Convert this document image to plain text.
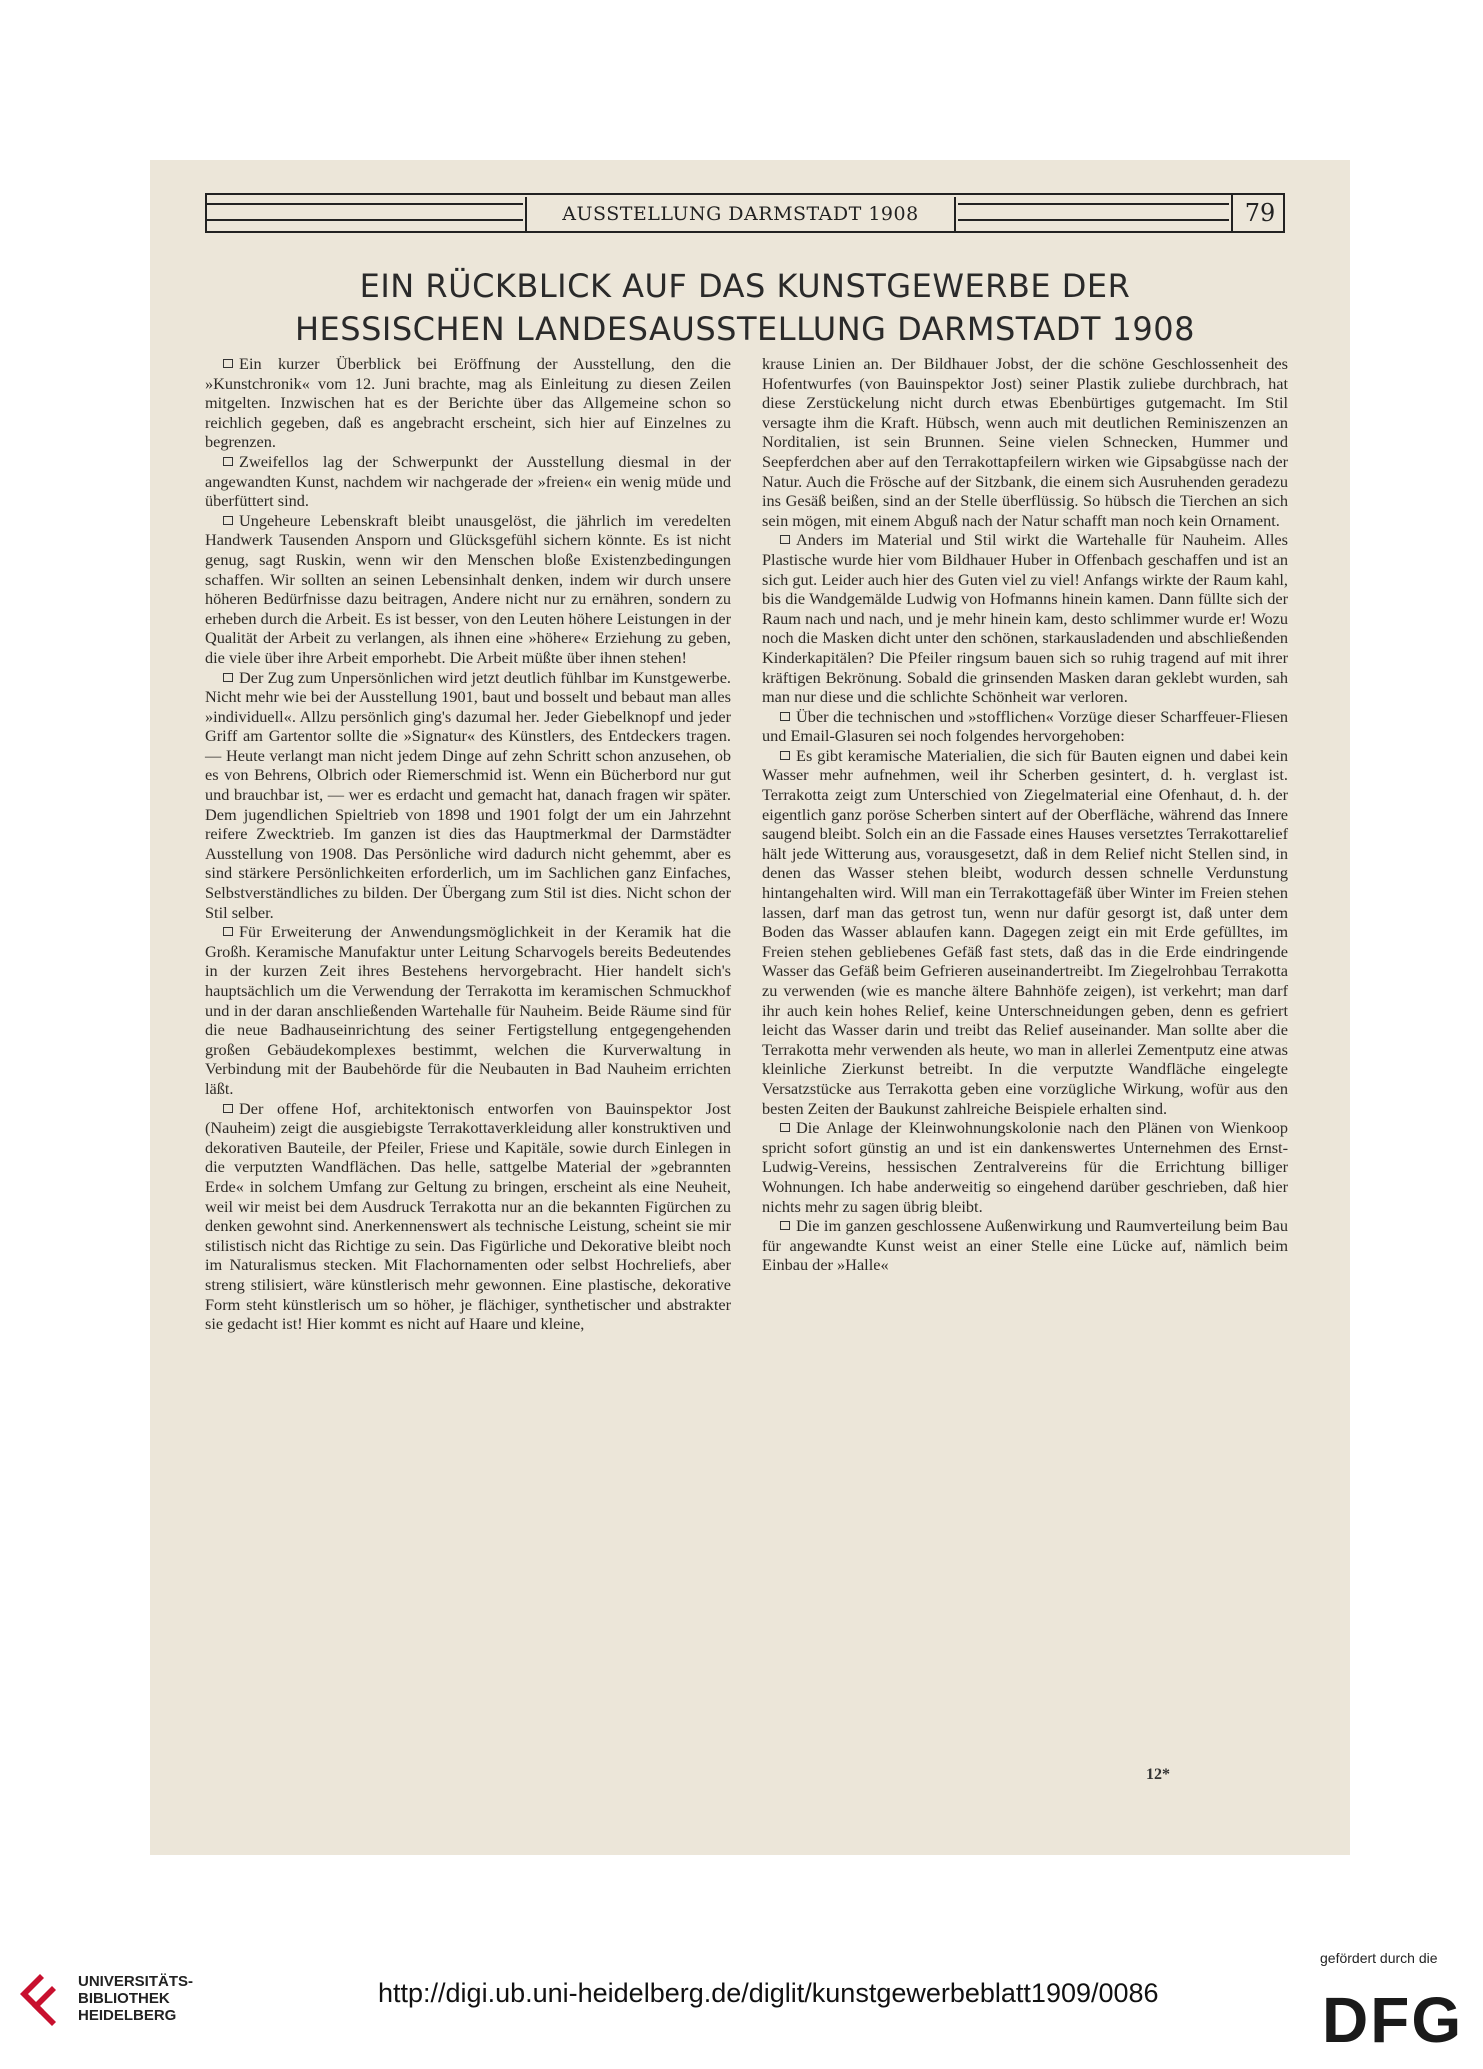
AUSSTELLUNG DARMSTADT 1908	79
EIN RÜCKBLICK AUF DAS KUNSTGEWERBE DER
HESSISCHEN LANDESAUSSTELLUNG DARMSTADT 1908

Ein kurzer Überblick bei Eröffnung der Ausstellung, den die »Kunstchronik« vom 12. Juni brachte, mag als Einleitung zu diesen Zeilen mitgelten. Inzwischen hat es der Berichte über das Allgemeine schon so reichlich gegeben, daß es angebracht erscheint, sich hier auf Einzelnes zu begrenzen.

Zweifellos lag der Schwerpunkt der Ausstellung diesmal in der angewandten Kunst, nachdem wir nachgerade der »freien« ein wenig müde und überfüttert sind.

Ungeheure Lebenskraft bleibt unausgelöst, die jährlich im veredelten Handwerk Tausenden Ansporn und Glücksgefühl sichern könnte. Es ist nicht genug, sagt Ruskin, wenn wir den Menschen bloße Existenzbedingungen schaffen. Wir sollten an seinen Lebensinhalt denken, indem wir durch unsere höheren Bedürfnisse dazu beitragen, Andere nicht nur zu ernähren, sondern zu erheben durch die Arbeit. Es ist besser, von den Leuten höhere Leistungen in der Qualität der Arbeit zu verlangen, als ihnen eine »höhere« Erziehung zu geben, die viele über ihre Arbeit emporhebt. Die Arbeit müßte über ihnen stehen!

Der Zug zum Unpersönlichen wird jetzt deutlich fühlbar im Kunstgewerbe. Nicht mehr wie bei der Ausstellung 1901, baut und bosselt und bebaut man alles »individuell«. Allzu persönlich ging's dazumal her. Jeder Giebelknopf und jeder Griff am Gartentor sollte die »Signatur« des Künstlers, des Entdeckers tragen. — Heute verlangt man nicht jedem Dinge auf zehn Schritt schon anzusehen, ob es von Behrens, Olbrich oder Riemerschmid ist. Wenn ein Bücherbord nur gut und brauchbar ist, — wer es erdacht und gemacht hat, danach fragen wir später. Dem jugendlichen Spieltrieb von 1898 und 1901 folgt der um ein Jahrzehnt reifere Zwecktrieb. Im ganzen ist dies das Hauptmerkmal der Darmstädter Ausstellung von 1908. Das Persönliche wird dadurch nicht gehemmt, aber es sind stärkere Persönlichkeiten erforderlich, um im Sachlichen ganz Einfaches, Selbstverständliches zu bilden. Der Übergang zum Stil ist dies. Nicht schon der Stil selber.

Für Erweiterung der Anwendungsmöglichkeit in der Keramik hat die Großh. Keramische Manufaktur unter Leitung Scharvogels bereits Bedeutendes in der kurzen Zeit ihres Bestehens hervorgebracht. Hier handelt sich's hauptsächlich um die Verwendung der Terrakotta im keramischen Schmuckhof und in der daran anschließenden Wartehalle für Nauheim. Beide Räume sind für die neue Badhauseinrichtung des seiner Fertigstellung entgegengehenden großen Gebäudekomplexes bestimmt, welchen die Kurverwaltung in Verbindung mit der Baubehörde für die Neubauten in Bad Nauheim errichten läßt.

Der offene Hof, architektonisch entworfen von Bauinspektor Jost (Nauheim) zeigt die ausgiebigste Terrakottaverkleidung aller konstruktiven und dekorativen Bauteile, der Pfeiler, Friese und Kapitäle, sowie durch Einlegen in die verputzten Wandflächen. Das helle, sattgelbe Material der »gebrannten Erde« in solchem Umfang zur Geltung zu bringen, erscheint als eine Neuheit, weil wir meist bei dem Ausdruck Terrakotta nur an die bekannten Figürchen zu denken gewohnt sind. Anerkennenswert als technische Leistung, scheint sie mir stilistisch nicht das Richtige zu sein. Das Figürliche und Dekorative bleibt noch im Naturalismus stecken. Mit Flachornamenten oder selbst Hochreliefs, aber streng stilisiert, wäre künstlerisch mehr gewonnen. Eine plastische, dekorative Form steht künstlerisch um so höher, je flächiger, synthetischer und abstrakter sie gedacht ist! Hier kommt es nicht auf Haare und kleine,

krause Linien an. Der Bildhauer Jobst, der die schöne Geschlossenheit des Hofentwurfes (von Bauinspektor Jost) seiner Plastik zuliebe durchbrach, hat diese Zerstückelung nicht durch etwas Ebenbürtiges gutgemacht. Im Stil versagte ihm die Kraft. Hübsch, wenn auch mit deutlichen Reminiszenzen an Norditalien, ist sein Brunnen. Seine vielen Schnecken, Hummer und Seepferdchen aber auf den Terrakottapfeilern wirken wie Gipsabgüsse nach der Natur. Auch die Frösche auf der Sitzbank, die einem sich Ausruhenden geradezu ins Gesäß beißen, sind an der Stelle überflüssig. So hübsch die Tierchen an sich sein mögen, mit einem Abguß nach der Natur schafft man noch kein Ornament.

Anders im Material und Stil wirkt die Wartehalle für Nauheim. Alles Plastische wurde hier vom Bildhauer Huber in Offenbach geschaffen und ist an sich gut. Leider auch hier des Guten viel zu viel! Anfangs wirkte der Raum kahl, bis die Wandgemälde Ludwig von Hofmanns hinein kamen. Dann füllte sich der Raum nach und nach, und je mehr hinein kam, desto schlimmer wurde er! Wozu noch die Masken dicht unter den schönen, starkausladenden und abschließenden Kinderkapitälen? Die Pfeiler ringsum bauen sich so ruhig tragend auf mit ihrer kräftigen Bekrönung. Sobald die grinsenden Masken daran geklebt wurden, sah man nur diese und die schlichte Schönheit war verloren.

Über die technischen und »stofflichen« Vorzüge dieser Scharffeuer-Fliesen und Email-Glasuren sei noch folgendes hervorgehoben:

Es gibt keramische Materialien, die sich für Bauten eignen und dabei kein Wasser mehr aufnehmen, weil ihr Scherben gesintert, d. h. verglast ist. Terrakotta zeigt zum Unterschied von Ziegelmaterial eine Ofenhaut, d. h. der eigentlich ganz poröse Scherben sintert auf der Oberfläche, während das Innere saugend bleibt. Solch ein an die Fassade eines Hauses versetztes Terrakottarelief hält jede Witterung aus, vorausgesetzt, daß in dem Relief nicht Stellen sind, in denen das Wasser stehen bleibt, wodurch dessen schnelle Verdunstung hintangehalten wird. Will man ein Terrakottagefäß über Winter im Freien stehen lassen, darf man das getrost tun, wenn nur dafür gesorgt ist, daß unter dem Boden das Wasser ablaufen kann. Dagegen zeigt ein mit Erde gefülltes, im Freien stehen gebliebenes Gefäß fast stets, daß das in die Erde eindringende Wasser das Gefäß beim Gefrieren auseinandertreibt. Im Ziegelrohbau Terrakotta zu verwenden (wie es manche ältere Bahnhöfe zeigen), ist verkehrt; man darf ihr auch kein hohes Relief, keine Unterschneidungen geben, denn es gefriert leicht das Wasser darin und treibt das Relief auseinander. Man sollte aber die Terrakotta mehr verwenden als heute, wo man in allerlei Zementputz eine atwas kleinliche Zierkunst betreibt. In die verputzte Wandfläche eingelegte Versatzstücke aus Terrakotta geben eine vorzügliche Wirkung, wofür aus den besten Zeiten der Baukunst zahlreiche Beispiele erhalten sind.

Die Anlage der Kleinwohnungskolonie nach den Plänen von Wienkoop spricht sofort günstig an und ist ein dankenswertes Unternehmen des Ernst-Ludwig-Vereins, hessischen Zentralvereins für die Errichtung billiger Wohnungen. Ich habe anderweitig so eingehend darüber geschrieben, daß hier nichts mehr zu sagen übrig bleibt.

Die im ganzen geschlossene Außenwirkung und Raumverteilung beim Bau für angewandte Kunst weist an einer Stelle eine Lücke auf, nämlich beim Einbau der »Halle«

12*
UNIVERSITÄTS-
BIBLIOTHEK
HEIDELBERG
http://digi.ub.uni-heidelberg.de/diglit/kunstgewerbeblatt1909/0086
gefördert durch die
DFG
